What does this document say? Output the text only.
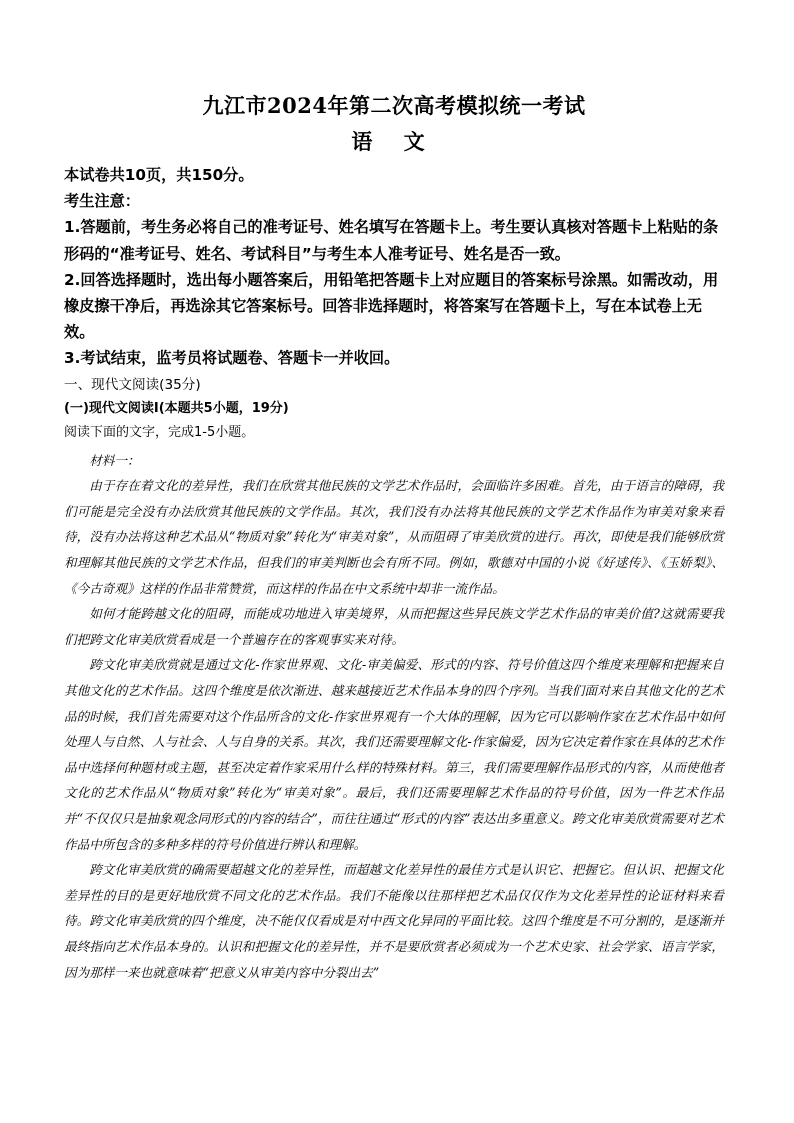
九江市2024年第二次高考模拟统一考试
语 文

本试卷共10页，共150分。

考生注意：

1.答题前，考生务必将自己的准考证号、姓名填写在答题卡上。考生要认真核对答题卡上粘贴的条形码的“准考证号、姓名、考试科目”与考生本人准考证号、姓名是否一致。

2.回答选择题时，选出每小题答案后，用铅笔把答题卡上对应题目的答案标号涂黑。如需改动，用橡皮擦干净后，再选涂其它答案标号。回答非选择题时，将答案写在答题卡上，写在本试卷上无效。

3.考试结束，监考员将试题卷、答题卡一并收回。

一、现代文阅读(35分)

(一)现代文阅读Ⅰ(本题共5小题，19分)

阅读下面的文字，完成1-5小题。

材料一：

由于存在着文化的差异性，我们在欣赏其他民族的文学艺术作品时，会面临许多困难。首先，由于语言的障碍，我们可能是完全没有办法欣赏其他民族的文学作品。其次，我们没有办法将其他民族的文学艺术作品作为审美对象来看待，没有办法将这种艺术品从“物质对象”转化为“审美对象”，从而阻碍了审美欣赏的进行。再次，即使是我们能够欣赏和理解其他民族的文学艺术作品，但我们的审美判断也会有所不同。例如，歌德对中国的小说《好逑传》、《玉娇梨》、《今古奇观》这样的作品非常赞赏，而这样的作品在中文系统中却非一流作品。

如何才能跨越文化的阻碍，而能成功地进入审美境界，从而把握这些异民族文学艺术作品的审美价值?这就需要我们把跨文化审美欣赏看成是一个普遍存在的客观事实来对待。

跨文化审美欣赏就是通过文化-作家世界观、文化-审美偏爱、形式的内容、符号价值这四个维度来理解和把握来自其他文化的艺术作品。这四个维度是依次渐进、越来越接近艺术作品本身的四个序列。当我们面对来自其他文化的艺术品的时候，我们首先需要对这个作品所含的文化-作家世界观有一个大体的理解，因为它可以影响作家在艺术作品中如何处理人与自然、人与社会、人与自身的关系。其次，我们还需要理解文化-作家偏爱，因为它决定着作家在具体的艺术作品中选择何种题材或主题，甚至决定着作家采用什么样的特殊材料。第三，我们需要理解作品形式的内容，从而使他者文化的艺术作品从“物质对象”转化为“审美对象”。最后，我们还需要理解艺术作品的符号价值，因为一件艺术作品并“不仅仅只是抽象观念同形式的内容的结合”，而往往通过“形式的内容”表达出多重意义。跨文化审美欣赏需要对艺术作品中所包含的多种多样的符号价值进行辨认和理解。

跨文化审美欣赏的确需要超越文化的差异性，而超越文化差异性的最佳方式是认识它、把握它。但认识、把握文化差异性的目的是更好地欣赏不同文化的艺术作品。我们不能像以往那样把艺术品仅仅作为文化差异性的论证材料来看待。跨文化审美欣赏的四个维度，决不能仅仅看成是对中西文化异同的平面比较。这四个维度是不可分割的，是逐渐并最终指向艺术作品本身的。认识和把握文化的差异性，并不是要欣赏者必须成为一个艺术史家、社会学家、语言学家，因为那样一来也就意味着“把意义从审美内容中分裂出去”
